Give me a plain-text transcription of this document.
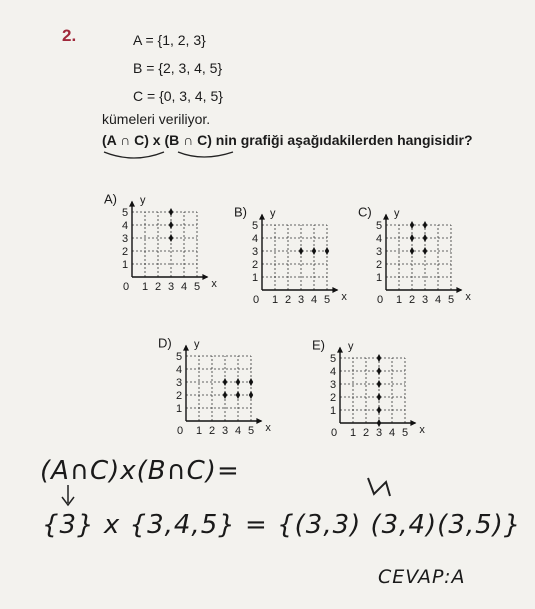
2.	A = {1, 2, 3}
B = {2, 3, 4, 5}
C = {0, 3, 4, 5}
kümeleri veriliyor.
(A ∩ C) x (B ∩ C) nin grafiği aşağıdakilerden hangisidir?
A) y
x
0 1 2 3 4 5
1
2
3
4
5	B) y
x
0 1 2 3 4 5
1
2
3
4
5
C) y
x
0 1 2 3 4 5
1
2
3
4
5
D) y
x
0 1 2 3 4 5
1
2
3
4
5
E) y
x
0 1 2 3 4 5
1
2
3
4
5
(A∩C)x(B∩C)=
{3} x {3,4,5} = {(3,3) (3,4)(3,5)}
CEVAP:A
